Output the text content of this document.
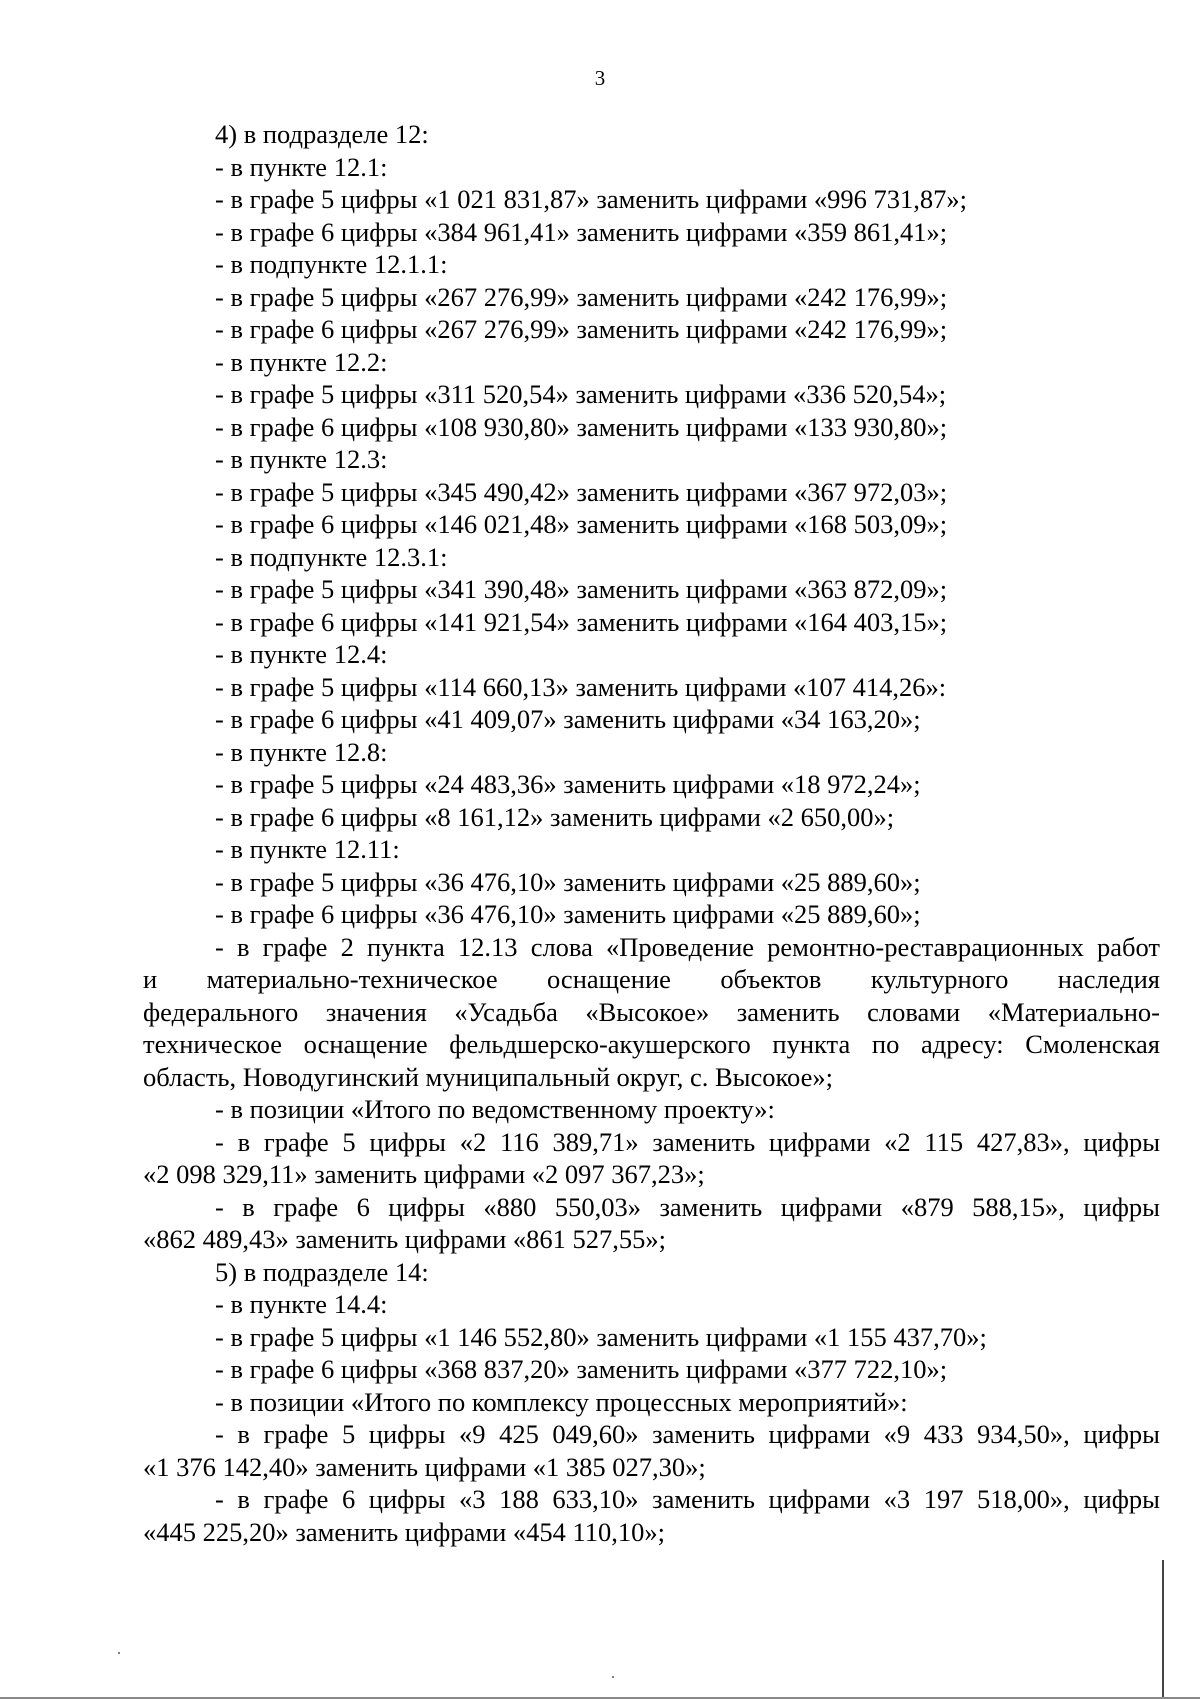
3
4) в подразделе 12:
- в пункте 12.1:
- в графе 5 цифры «1 021 831,87» заменить цифрами «996 731,87»;
- в графе 6 цифры «384 961,41» заменить цифрами «359 861,41»;
- в подпункте 12.1.1:
- в графе 5 цифры «267 276,99» заменить цифрами «242 176,99»;
- в графе 6 цифры «267 276,99» заменить цифрами «242 176,99»;
- в пункте 12.2:
- в графе 5 цифры «311 520,54» заменить цифрами «336 520,54»;
- в графе 6 цифры «108 930,80» заменить цифрами «133 930,80»;
- в пункте 12.3:
- в графе 5 цифры «345 490,42» заменить цифрами «367 972,03»;
- в графе 6 цифры «146 021,48» заменить цифрами «168 503,09»;
- в подпункте 12.3.1:
- в графе 5 цифры «341 390,48» заменить цифрами «363 872,09»;
- в графе 6 цифры «141 921,54» заменить цифрами «164 403,15»;
- в пункте 12.4:
- в графе 5 цифры «114 660,13» заменить цифрами «107 414,26»:
- в графе 6 цифры «41 409,07» заменить цифрами «34 163,20»;
- в пункте 12.8:
- в графе 5 цифры «24 483,36» заменить цифрами «18 972,24»;
- в графе 6 цифры «8 161,12» заменить цифрами «2 650,00»;
- в пункте 12.11:
- в графе 5 цифры «36 476,10» заменить цифрами «25 889,60»;
- в графе 6 цифры «36 476,10» заменить цифрами «25 889,60»;
- в графе 2 пункта 12.13 слова «Проведение ремонтно-реставрационных работ
и материально-техническое оснащение объектов культурного наследия
федерального значения «Усадьба «Высокое» заменить словами «Материально-
техническое оснащение фельдшерско-акушерского пункта по адресу: Смоленская
область, Новодугинский муниципальный округ, с. Высокое»;
- в позиции «Итого по ведомственному проекту»:
- в графе 5 цифры «2 116 389,71» заменить цифрами «2 115 427,83», цифры
«2 098 329,11» заменить цифрами «2 097 367,23»;
- в графе 6 цифры «880 550,03» заменить цифрами «879 588,15», цифры
«862 489,43» заменить цифрами «861 527,55»;
5) в подразделе 14:
- в пункте 14.4:
- в графе 5 цифры «1 146 552,80» заменить цифрами «1 155 437,70»;
- в графе 6 цифры «368 837,20» заменить цифрами «377 722,10»;
- в позиции «Итого по комплексу процессных мероприятий»:
- в графе 5 цифры «9 425 049,60» заменить цифрами «9 433 934,50», цифры
«1 376 142,40» заменить цифрами «1 385 027,30»;
- в графе 6 цифры «3 188 633,10» заменить цифрами «3 197 518,00», цифры
«445 225,20» заменить цифрами «454 110,10»;
